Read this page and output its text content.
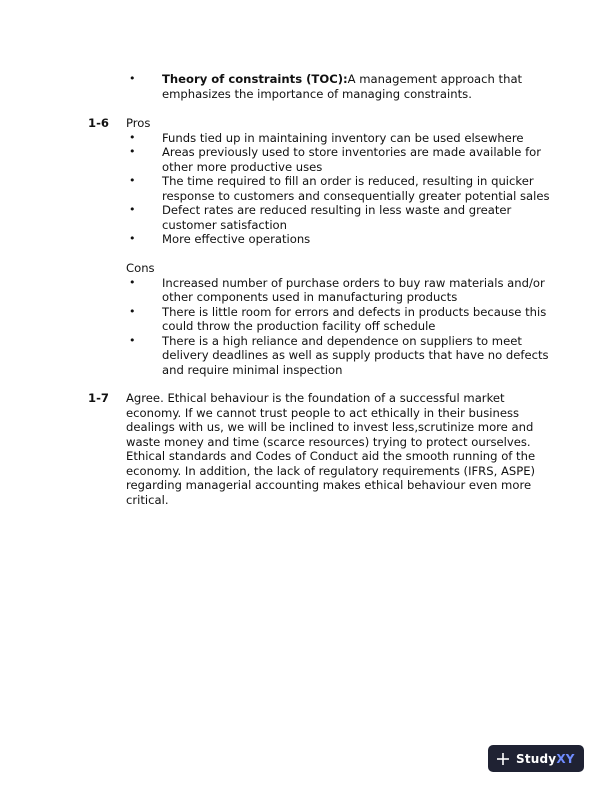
• Theory of constraints (TOC):A management approach that
emphasizes the importance of managing constraints.
1-6 Pros
• Funds tied up in maintaining inventory can be used elsewhere
• Areas previously used to store inventories are made available for
other more productive uses
• The time required to fill an order is reduced, resulting in quicker
response to customers and consequentially greater potential sales
• Defect rates are reduced resulting in less waste and greater
customer satisfaction
• More effective operations
Cons
• Increased number of purchase orders to buy raw materials and/or
other components used in manufacturing products
• There is little room for errors and defects in products because this
could throw the production facility off schedule
• There is a high reliance and dependence on suppliers to meet
delivery deadlines as well as supply products that have no defects
and require minimal inspection
1-7 Agree. Ethical behaviour is the foundation of a successful market
economy. If we cannot trust people to act ethically in their business
dealings with us, we will be inclined to invest less,scrutinize more and
waste money and time (scarce resources) trying to protect ourselves.
Ethical standards and Codes of Conduct aid the smooth running of the
economy. In addition, the lack of regulatory requirements (IFRS, ASPE)
regarding managerial accounting makes ethical behaviour even more
critical.
StudyXY
